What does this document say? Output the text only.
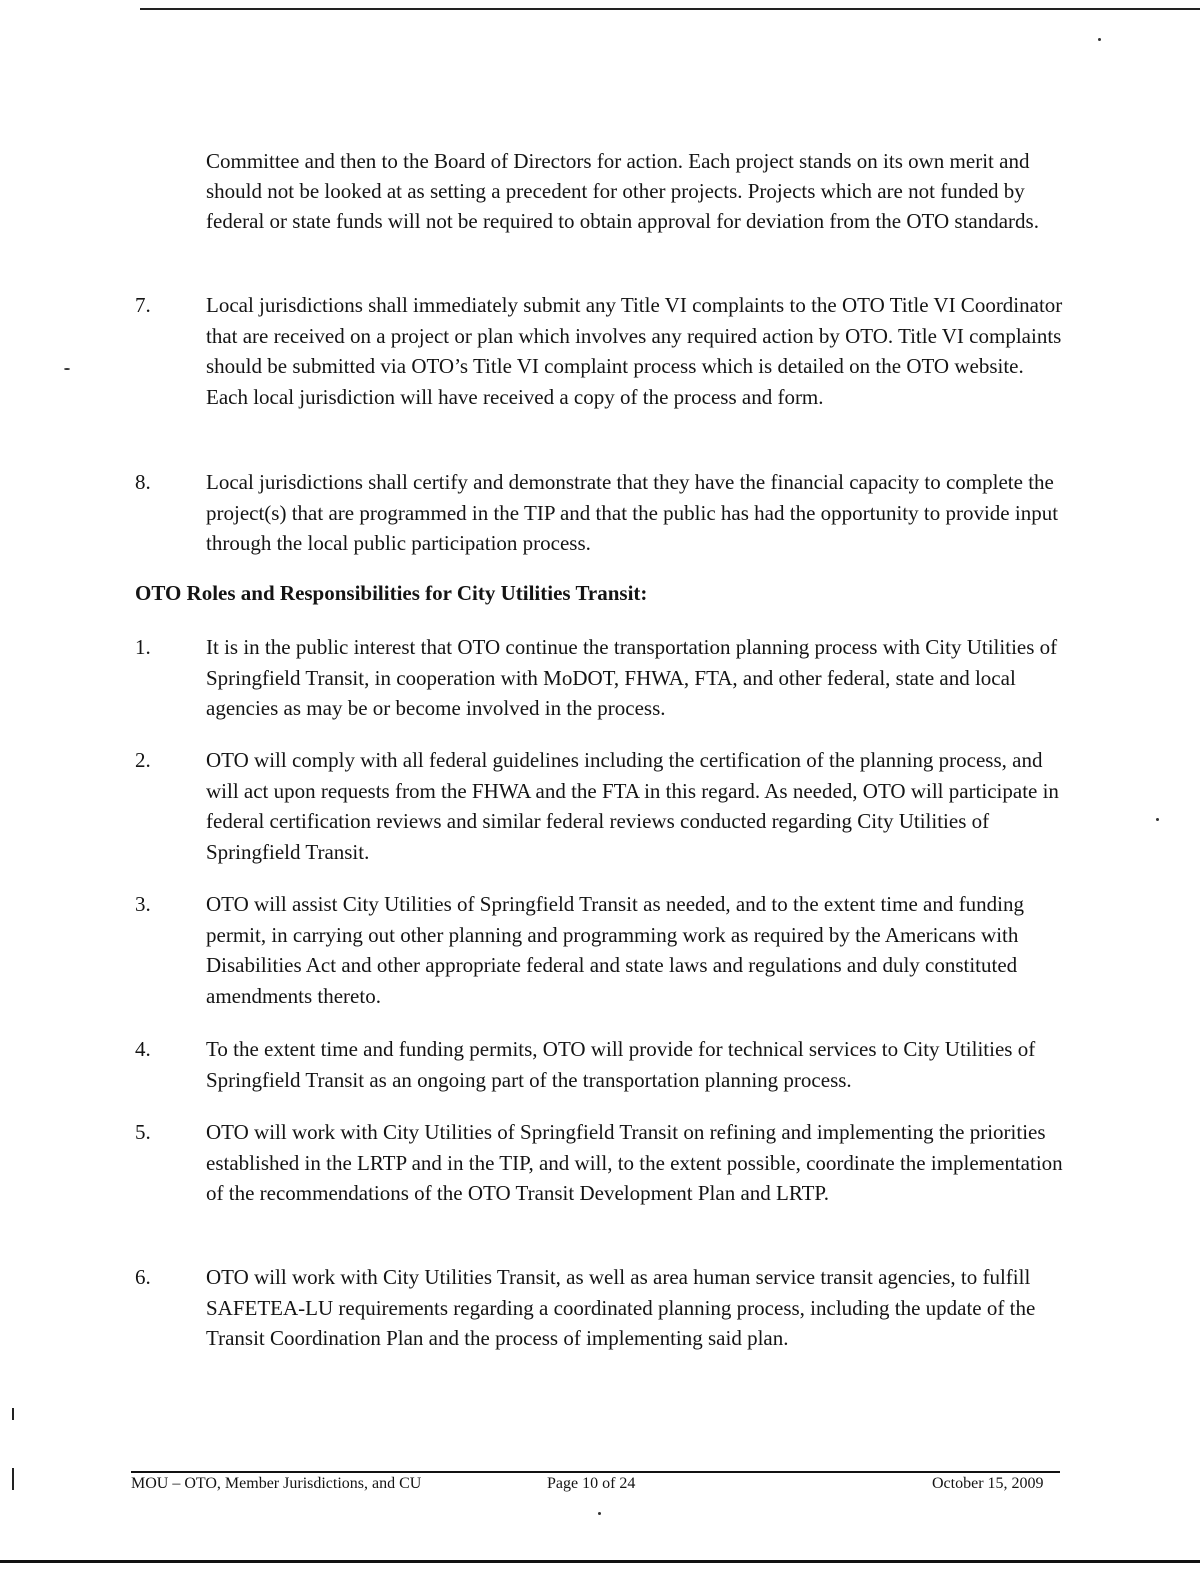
Committee and then to the Board of Directors for action. Each project stands on its own merit and should not be looked at as setting a precedent for other projects. Projects which are not funded by federal or state funds will not be required to obtain approval for deviation from the OTO standards.

7.	Local jurisdictions shall immediately submit any Title VI complaints to the OTO Title VI Coordinator that are received on a project or plan which involves any required action by OTO. Title VI complaints should be submitted via OTO’s Title VI complaint process which is detailed on the OTO website. Each local jurisdiction will have received a copy of the process and form.

8.	Local jurisdictions shall certify and demonstrate that they have the financial capacity to complete the project(s) that are programmed in the TIP and that the public has had the opportunity to provide input through the local public participation process.

OTO Roles and Responsibilities for City Utilities Transit:
1.	It is in the public interest that OTO continue the transportation planning process with City Utilities of Springfield Transit, in cooperation with MoDOT, FHWA, FTA, and other federal, state and local agencies as may be or become involved in the process.

2.	OTO will comply with all federal guidelines including the certification of the planning process, and will act upon requests from the FHWA and the FTA in this regard. As needed, OTO will participate in federal certification reviews and similar federal reviews conducted regarding City Utilities of Springfield Transit.

3.	OTO will assist City Utilities of Springfield Transit as needed, and to the extent time and funding permit, in carrying out other planning and programming work as required by the Americans with Disabilities Act and other appropriate federal and state laws and regulations and duly constituted amendments thereto.

4.	To the extent time and funding permits, OTO will provide for technical services to City Utilities of Springfield Transit as an ongoing part of the transportation planning process.

5.	OTO will work with City Utilities of Springfield Transit on refining and implementing the priorities established in the LRTP and in the TIP, and will, to the extent possible, coordinate the implementation of the recommendations of the OTO Transit Development Plan and LRTP.

6.	OTO will work with City Utilities Transit, as well as area human service transit agencies, to fulfill SAFETEA-LU requirements regarding a coordinated planning process, including the update of the Transit Coordination Plan and the process of implementing said plan.

MOU – OTO, Member Jurisdictions, and CU	Page 10 of 24	October 15, 2009
